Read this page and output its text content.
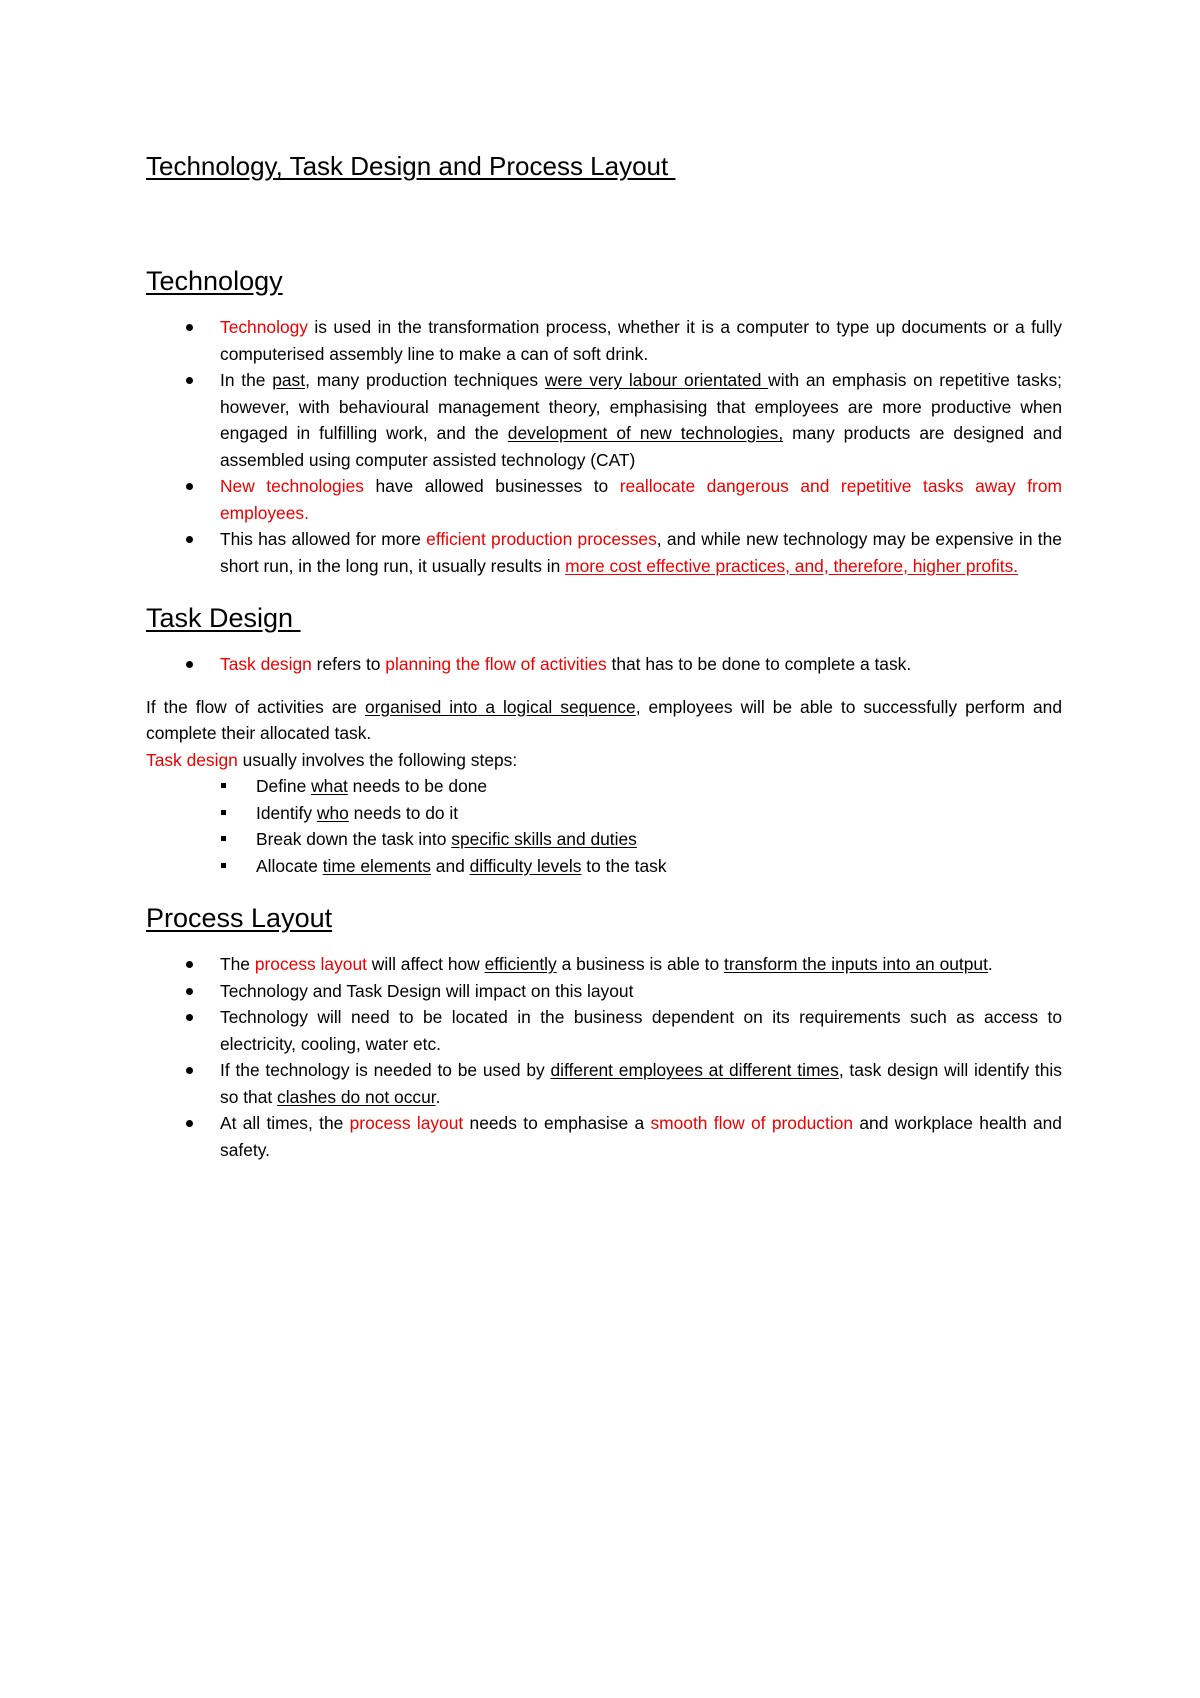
Technology, Task Design and Process Layout
Technology
Technology is used in the transformation process, whether it is a computer to type up documents or a fully computerised assembly line to make a can of soft drink.
In the past, many production techniques were very labour orientated with an emphasis on repetitive tasks; however, with behavioural management theory, emphasising that employees are more productive when engaged in fulfilling work, and the development of new technologies, many products are designed and assembled using computer assisted technology (CAT)
New technologies have allowed businesses to reallocate dangerous and repetitive tasks away from employees.
This has allowed for more efficient production processes, and while new technology may be expensive in the short run, in the long run, it usually results in more cost effective practices, and, therefore, higher profits.
Task Design
Task design refers to planning the flow of activities that has to be done to complete a task.

If the flow of activities are organised into a logical sequence, employees will be able to successfully perform and complete their allocated task.

Task design usually involves the following steps:

Define what needs to be done
Identify who needs to do it
Break down the task into specific skills and duties
Allocate time elements and difficulty levels to the task
Process Layout
The process layout will affect how efficiently a business is able to transform the inputs into an output.
Technology and Task Design will impact on this layout
Technology will need to be located in the business dependent on its requirements such as access to electricity, cooling, water etc.
If the technology is needed to be used by different employees at different times, task design will identify this so that clashes do not occur.
At all times, the process layout needs to emphasise a smooth flow of production and workplace health and safety.
